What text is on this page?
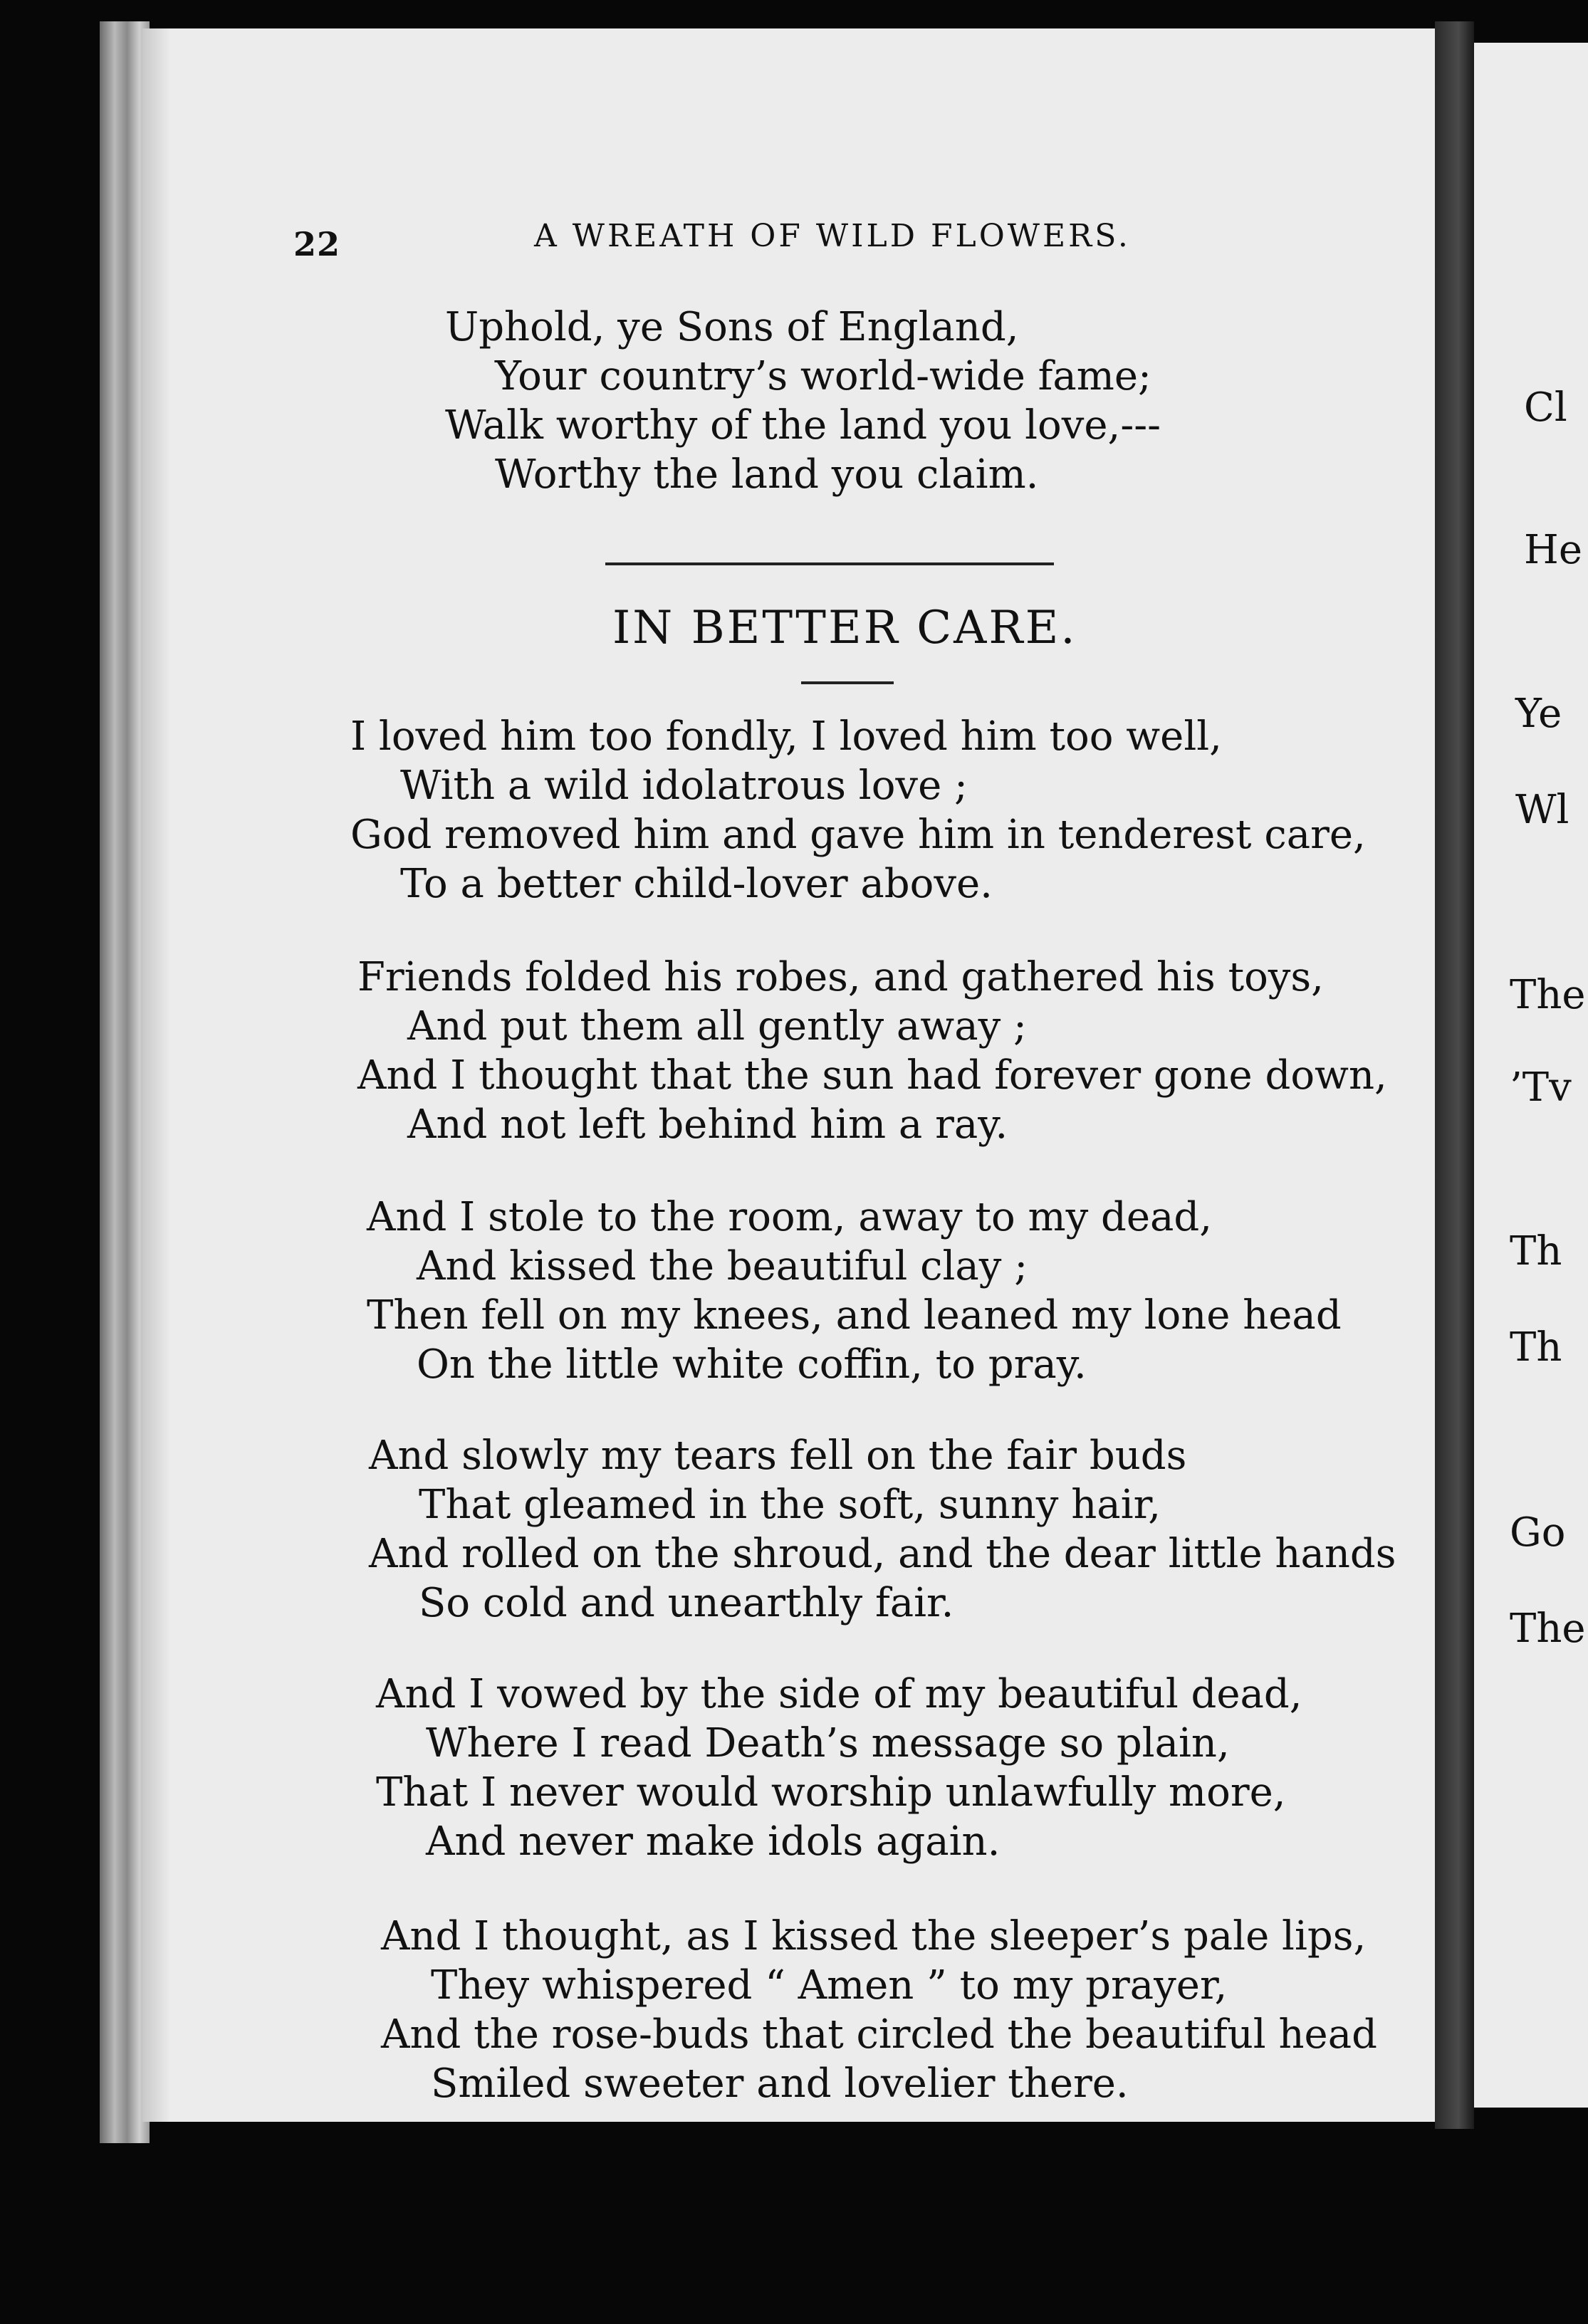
Cl
He
Ye
Wl
The
’Tv
Th
Th
Go
The
22	A WREATH OF WILD FLOWERS.
Uphold, ye Sons of England,
Your country’s world-wide fame;
Walk worthy of the land you love,---
Worthy the land you claim.
IN BETTER CARE.
I loved him too fondly, I loved him too well,
With a wild idolatrous love ;
God removed him and gave him in tenderest care,
To a better child-lover above.
Friends folded his robes, and gathered his toys,
And put them all gently away ;
And I thought that the sun had forever gone down,
And not left behind him a ray.
And I stole to the room, away to my dead,
And kissed the beautiful clay ;
Then fell on my knees, and leaned my lone head
On the little white coffin, to pray.
And slowly my tears fell on the fair buds
That gleamed in the soft, sunny hair,
And rolled on the shroud, and the dear little hands
So cold and unearthly fair.
And I vowed by the side of my beautiful dead,
Where I read Death’s message so plain,
That I never would worship unlawfully more,
And never make idols again.
And I thought, as I kissed the sleeper’s pale lips,
They whispered “ Amen ” to my prayer,
And the rose-buds that circled the beautiful head
Smiled sweeter and lovelier there.
